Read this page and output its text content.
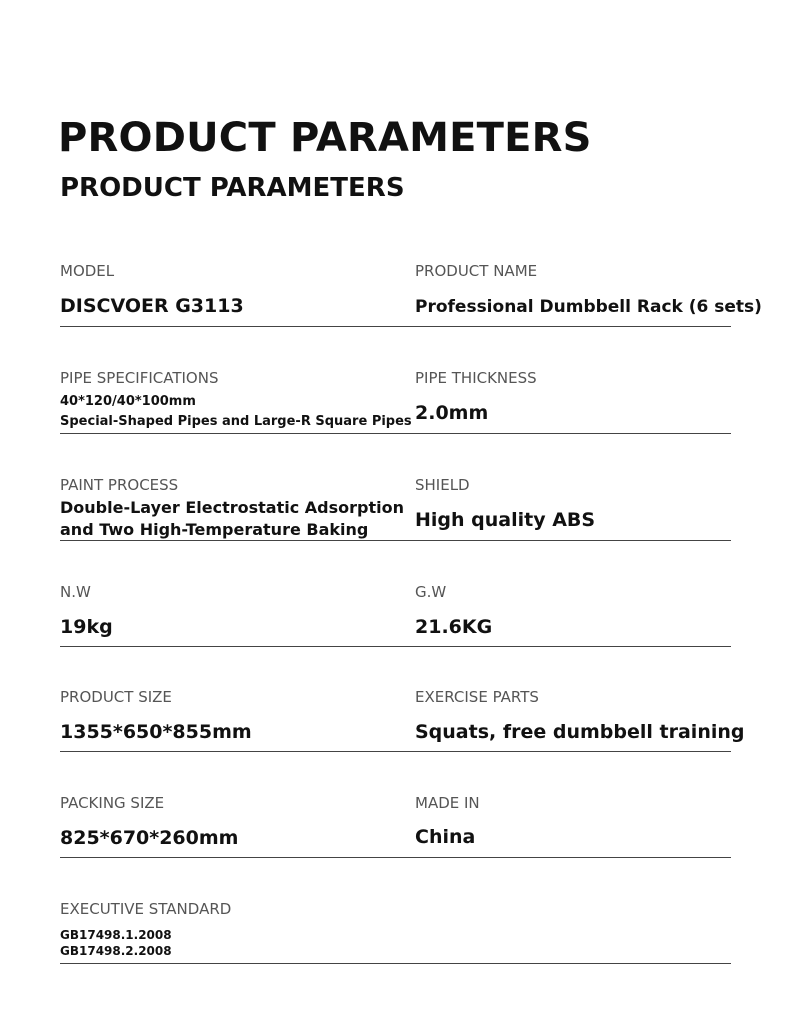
PRODUCT PARAMETERS
PRODUCT PARAMETERS
MODEL
DISCVOER G3113
PRODUCT NAME
Professional Dumbbell Rack (6 sets)
PIPE SPECIFICATIONS
40*120/40*100mm
Special-Shaped Pipes and Large-R Square Pipes
PIPE THICKNESS
2.0mm
PAINT PROCESS
Double-Layer Electrostatic Adsorption
and Two High-Temperature Baking
SHIELD
High quality ABS
N.W
19kg
G.W
21.6KG
PRODUCT SIZE
1355*650*855mm
EXERCISE PARTS
Squats, free dumbbell training
PACKING SIZE
825*670*260mm
MADE IN
China
EXECUTIVE STANDARD
GB17498.1.2008
GB17498.2.2008
